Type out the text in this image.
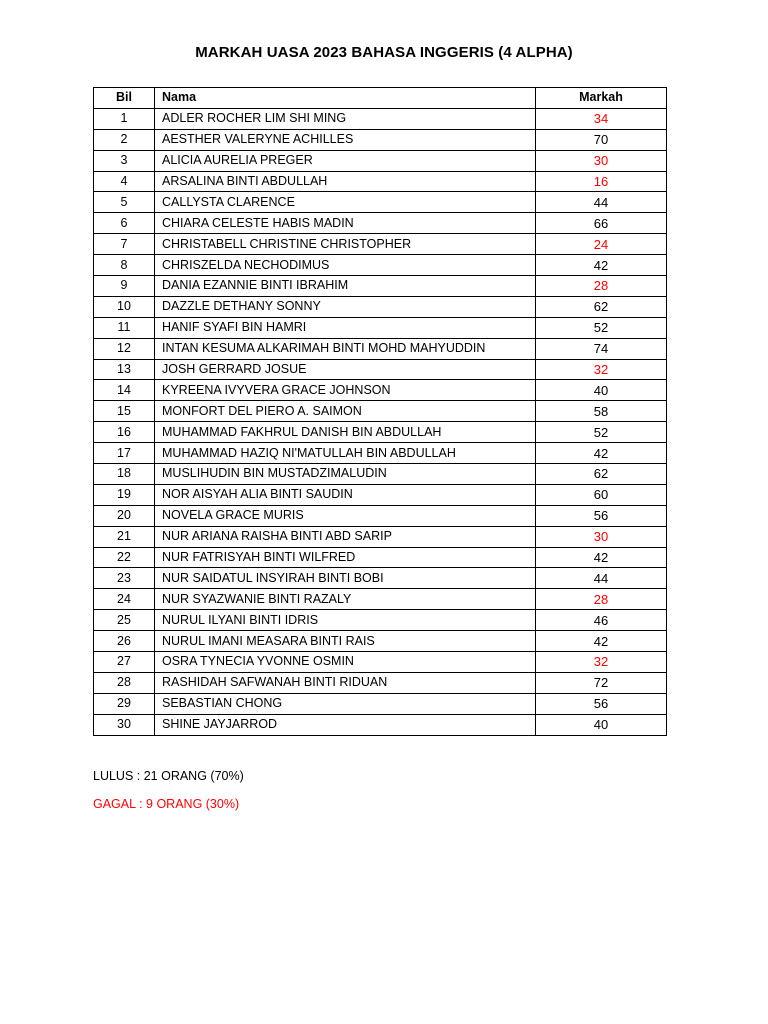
MARKAH UASA 2023 BAHASA INGGERIS (4 ALPHA)
Bil	Nama	Markah
1	ADLER ROCHER LIM SHI MING	34
2	AESTHER VALERYNE ACHILLES	70
3	ALICIA AURELIA PREGER	30
4	ARSALINA BINTI ABDULLAH	16
5	CALLYSTA CLARENCE	44
6	CHIARA CELESTE HABIS MADIN	66
7	CHRISTABELL CHRISTINE CHRISTOPHER	24
8	CHRISZELDA NECHODIMUS	42
9	DANIA EZANNIE BINTI IBRAHIM	28
10	DAZZLE DETHANY SONNY	62
11	HANIF SYAFI BIN HAMRI	52
12	INTAN KESUMA ALKARIMAH BINTI MOHD MAHYUDDIN	74
13	JOSH GERRARD JOSUE	32
14	KYREENA IVYVERA GRACE JOHNSON	40
15	MONFORT DEL PIERO A. SAIMON	58
16	MUHAMMAD FAKHRUL DANISH BIN ABDULLAH	52
17	MUHAMMAD HAZIQ NI'MATULLAH BIN ABDULLAH	42
18	MUSLIHUDIN BIN MUSTADZIMALUDIN	62
19	NOR AISYAH ALIA BINTI SAUDIN	60
20	NOVELA GRACE MURIS	56
21	NUR ARIANA RAISHA BINTI ABD SARIP	30
22	NUR FATRISYAH BINTI WILFRED	42
23	NUR SAIDATUL INSYIRAH BINTI BOBI	44
24	NUR SYAZWANIE BINTI RAZALY	28
25	NURUL ILYANI BINTI IDRIS	46
26	NURUL IMANI MEASARA BINTI RAIS	42
27	OSRA TYNECIA YVONNE OSMIN	32
28	RASHIDAH SAFWANAH BINTI RIDUAN	72
29	SEBASTIAN CHONG	56
30	SHINE JAYJARROD	40
LULUS : 21 ORANG (70%)
GAGAL : 9 ORANG (30%)
